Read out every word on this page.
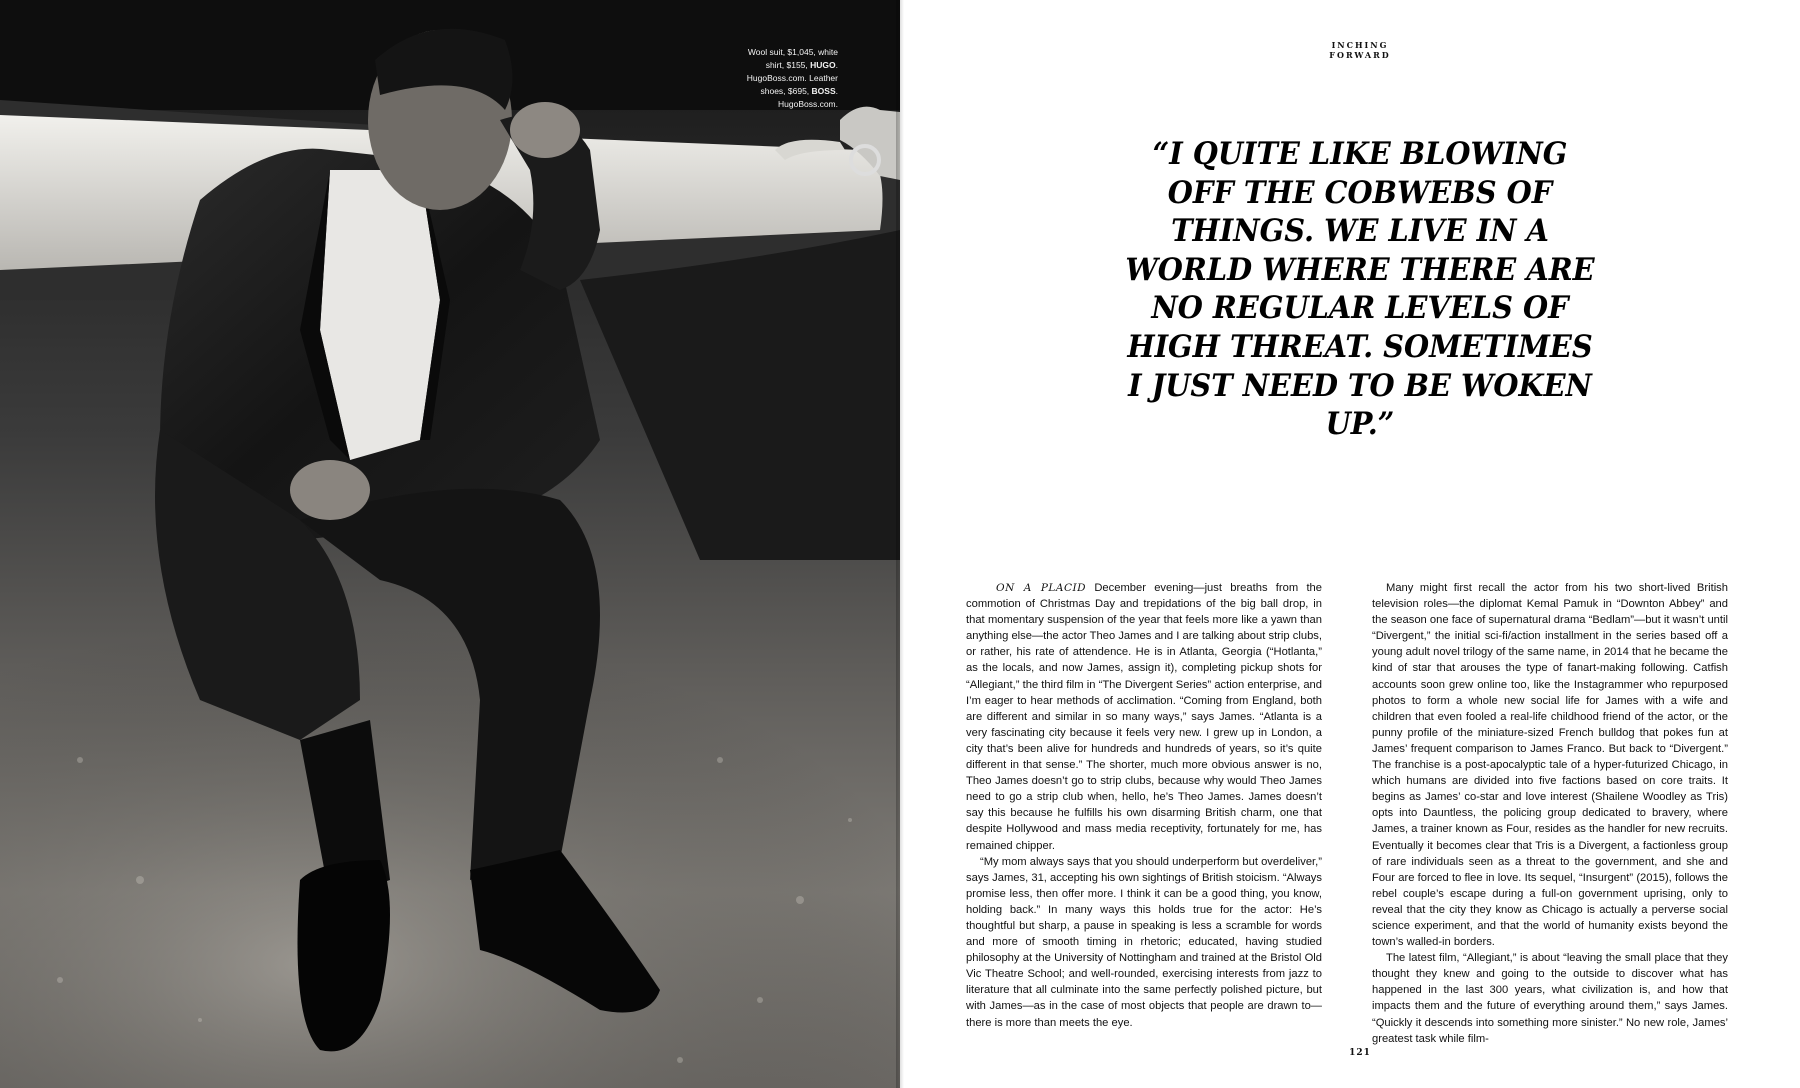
Wool suit, $1,045, white
shirt, $155, HUGO.
HugoBoss.com. Leather
shoes, $695, BOSS.
HugoBoss.com.
INCHING FORWARD
“I QUITE LIKE BLOWING OFF THE COBWEBS OF THINGS. WE LIVE IN A WORLD WHERE THERE ARE NO REGULAR LEVELS OF HIGH THREAT. SOMETIMES I JUST NEED TO BE WOKEN UP.”

ON A PLACID December evening—just breaths from the commotion of Christmas Day and trepidations of the big ball drop, in that momentary suspension of the year that feels more like a yawn than anything else—the actor Theo James and I are talking about strip clubs, or rather, his rate of attendence. He is in Atlanta, Georgia (“Hotlanta,” as the locals, and now James, assign it), completing pickup shots for “Allegiant,” the third film in “The Divergent Series” action enterprise, and I’m eager to hear methods of acclimation. “Coming from England, both are different and similar in so many ways,” says James. “Atlanta is a very fascinating city because it feels very new. I grew up in London, a city that’s been alive for hundreds and hundreds of years, so it’s quite different in that sense.” The shorter, much more obvious answer is no, Theo James doesn’t go to strip clubs, because why would Theo James need to go a strip club when, hello, he’s Theo James. James doesn’t say this because he fulfills his own disarming British charm, one that despite Hollywood and mass media receptivity, fortunately for me, has remained chipper.

“My mom always says that you should underperform but overdeliver,” says James, 31, accepting his own sightings of British stoicism. “Always promise less, then offer more. I think it can be a good thing, you know, holding back.” In many ways this holds true for the actor: He’s thoughtful but sharp, a pause in speaking is less a scramble for words and more of smooth timing in rhetoric; educated, having studied philosophy at the University of Nottingham and trained at the Bristol Old Vic Theatre School; and well-rounded, exercising interests from jazz to literature that all culminate into the same perfectly polished picture, but with James—as in the case of most objects that people are drawn to—there is more than meets the eye.

Many might first recall the actor from his two short-lived British television roles—the diplomat Kemal Pamuk in “Downton Abbey” and the season one face of supernatural drama “Bedlam”—but it wasn’t until “Divergent,” the initial sci-fi/action installment in the series based off a young adult novel trilogy of the same name, in 2014 that he became the kind of star that arouses the type of fanart-making following. Catfish accounts soon grew online too, like the Instagrammer who repurposed photos to form a whole new social life for James with a wife and children that even fooled a real-life childhood friend of the actor, or the punny profile of the miniature-sized French bulldog that pokes fun at James’ frequent comparison to James Franco. But back to “Divergent.” The franchise is a post-apocalyptic tale of a hyper-futurized Chicago, in which humans are divided into five factions based on core traits. It begins as James’ co-star and love interest (Shailene Woodley as Tris) opts into Dauntless, the policing group dedicated to bravery, where James, a trainer known as Four, resides as the handler for new recruits. Eventually it becomes clear that Tris is a Divergent, a factionless group of rare individuals seen as a threat to the government, and she and Four are forced to flee in love. Its sequel, “Insurgent” (2015), follows the rebel couple’s escape during a full-on government uprising, only to reveal that the city they know as Chicago is actually a perverse social science experiment, and that the world of humanity exists beyond the town’s walled-in borders.

The latest film, “Allegiant,” is about “leaving the small place that they thought they knew and going to the outside to discover what has happened in the last 300 years, what civilization is, and how that impacts them and the future of everything around them,” says James. “Quickly it descends into something more sinister.” No new role, James’ greatest task while film-

121
